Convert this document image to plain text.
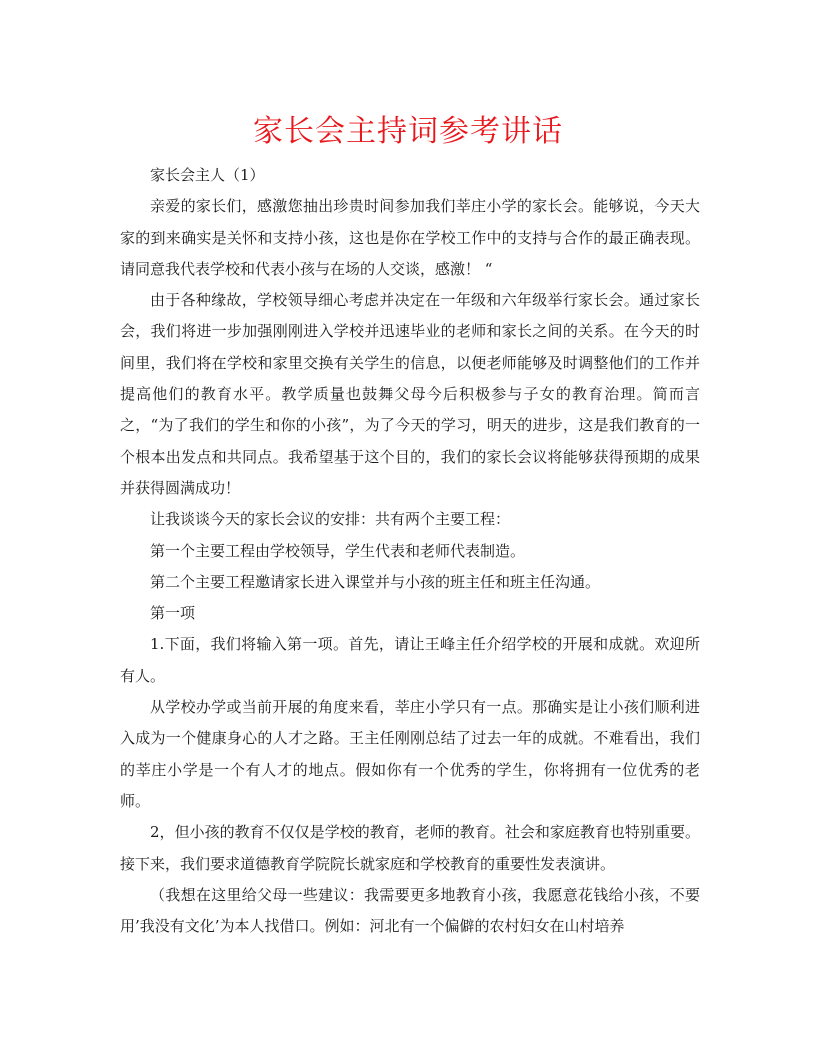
家长会主持词参考讲话

家长会主人（1）

亲爱的家长们，感激您抽出珍贵时间参加我们莘庄小学的家长会。能够说，今天大家的到来确实是关怀和支持小孩，这也是你在学校工作中的支持与合作的最正确表现。请同意我代表学校和代表小孩与在场的人交谈，感激！ “

由于各种缘故，学校领导细心考虑并决定在一年级和六年级举行家长会。通过家长会，我们将进一步加强刚刚进入学校并迅速毕业的老师和家长之间的关系。在今天的时间里，我们将在学校和家里交换有关学生的信息，以便老师能够及时调整他们的工作并提高他们的教育水平。教学质量也鼓舞父母今后积极参与子女的教育治理。简而言之，“为了我们的学生和你的小孩”，为了今天的学习，明天的进步，这是我们教育的一个根本出发点和共同点。我希望基于这个目的，我们的家长会议将能够获得预期的成果并获得圆满成功！

让我谈谈今天的家长会议的安排：共有两个主要工程：

第一个主要工程由学校领导，学生代表和老师代表制造。

第二个主要工程邀请家长进入课堂并与小孩的班主任和班主任沟通。

第一项

1.下面，我们将输入第一项。首先，请让王峰主任介绍学校的开展和成就。欢迎所有人。

从学校办学或当前开展的角度来看，莘庄小学只有一点。那确实是让小孩们顺利进入成为一个健康身心的人才之路。王主任刚刚总结了过去一年的成就。不难看出，我们的莘庄小学是一个有人才的地点。假如你有一个优秀的学生，你将拥有一位优秀的老师。

2，但小孩的教育不仅仅是学校的教育，老师的教育。社会和家庭教育也特别重要。接下来，我们要求道德教育学院院长就家庭和学校教育的重要性发表演讲。

（我想在这里给父母一些建议：我需要更多地教育小孩，我愿意花钱给小孩，不要用’我没有文化’为本人找借口。例如：河北有一个偏僻的农村妇女在山村培养
